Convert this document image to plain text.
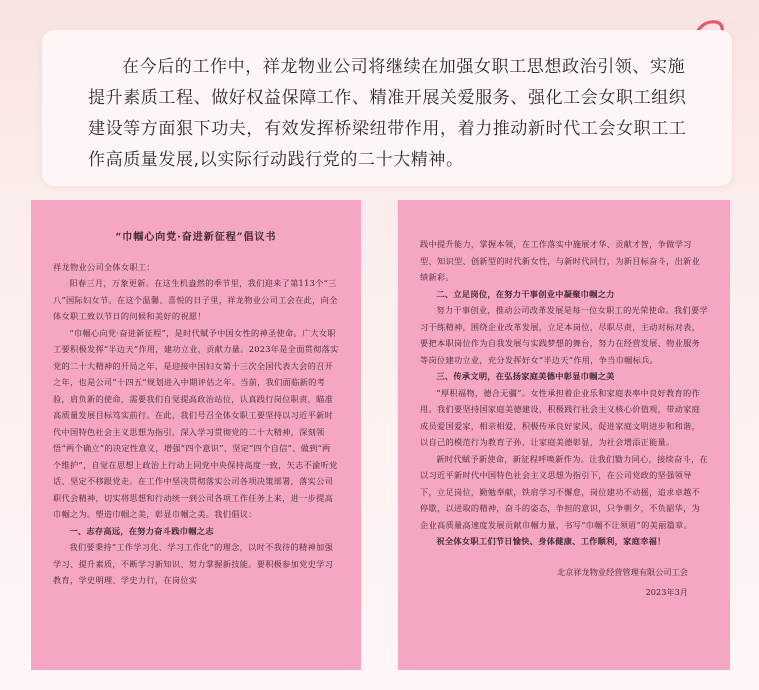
在今后的工作中，祥龙物业公司将继续在加强女职工思想政治引领、实施提升素质工程、做好权益保障工作、精准开展关爱服务、强化工会女职工组织建设等方面狠下功夫，有效发挥桥梁纽带作用，着力推动新时代工会女职工工作高质量发展,以实际行动践行党的二十大精神。

“巾帼心向党·奋进新征程”倡议书

祥龙物业公司全体女职工：

阳春三月，万象更新。在这生机盎然的季节里，我们迎来了第113个“三八”国际妇女节。在这个温馨、喜悦的日子里，祥龙物业公司工会在此，向全体女职工致以节日的问候和美好的祝愿！

“巾帼心向党·奋进新征程”，是时代赋予中国女性的神圣使命。广大女职工要积极发挥“半边天”作用，建功立业，贡献力量。2023年是全面贯彻落实党的二十大精神的开局之年，是迎接中国妇女第十三次全国代表大会的召开之年，也是公司“十四五”规划进入中期评估之年。当前，我们面临新的考验，肩负新的使命，需要我们自觉提高政治站位，认真践行岗位职责，瞄准高质量发展目标笃实前行。在此，我们号召全体女职工要坚持以习近平新时代中国特色社会主义思想为指引，深入学习贯彻党的二十大精神，深刻领悟“两个确立”的决定性意义，增强“四个意识”、坚定“四个自信”、做到“两个维护”，自觉在思想上政治上行动上同党中央保持高度一致，矢志不渝听党话、坚定不移跟党走。在工作中坚决贯彻落实公司各项决策部署，落实公司职代会精神，切实将思想和行动统一到公司各项工作任务上来，进一步提高巾帼之为。塑造巾帼之美，彰显巾帼之美。我们倡议：

一、志存高远，在努力奋斗践巾帼之志

我们要秉持“工作学习化、学习工作化”的理念，以时不我待的精神加强学习、提升素质，不断学习新知识、努力掌握新技能。要积极参加党史学习教育，学史明理、学史力行，在岗位实

践中提升能力，掌握本领，在工作落实中施展才华、贡献才智，争做学习型、知识型、创新型的时代新女性，与新时代同行，为新目标奋斗，出新业绩新彩。

二、立足岗位，在努力干事创业中凝聚巾帼之力

努力干事创业，推动公司改革发展是每一位女职工的光荣使命。我们要学习干练精神，围绕企业改革发展，立足本岗位，尽职尽责，主动对标对表，要把本职岗位作为自我发展与实践梦想的舞台，努力在经营发展、物业服务等岗位建功立业，充分发挥好女“半边天”作用，争当巾帼标兵。

三、传承文明，在弘扬家庭美德中彰显巾帼之美

“厚积福物，德合无疆”。女性承担着企业乐和家庭表率中良好教育的作用。我们要坚持国家庭美德建设，积极践行社会主义核心价值观，带动家庭成员爱国爱家，相亲相爱，积极传承良好家风，促进家庭文明进步和和谐，以自己的模范行为教育子孙，让家庭美德彰显，为社会增添正能量。

新时代赋予新使命，新征程呼唤新作为。让我们勠力同心，接续奋斗，在以习近平新时代中国特色社会主义思想为指引下，在公司党政的坚强领导下，立足岗位，勤勉奉献，铁肩学习不懈怠，岗位建功不动摇，追求卓越不停歇，以进取的精神，奋斗的姿态，争担的意识，只争朝夕，不负韶华，为企业高质量高速度发展贡献巾帼力量，书写“巾帼不让须眉”的美丽篇章。

祝全体女职工们节日愉快、身体健康、工作顺利，家庭幸福！

北京祥龙物业经营管理有限公司工会
2023年3月
